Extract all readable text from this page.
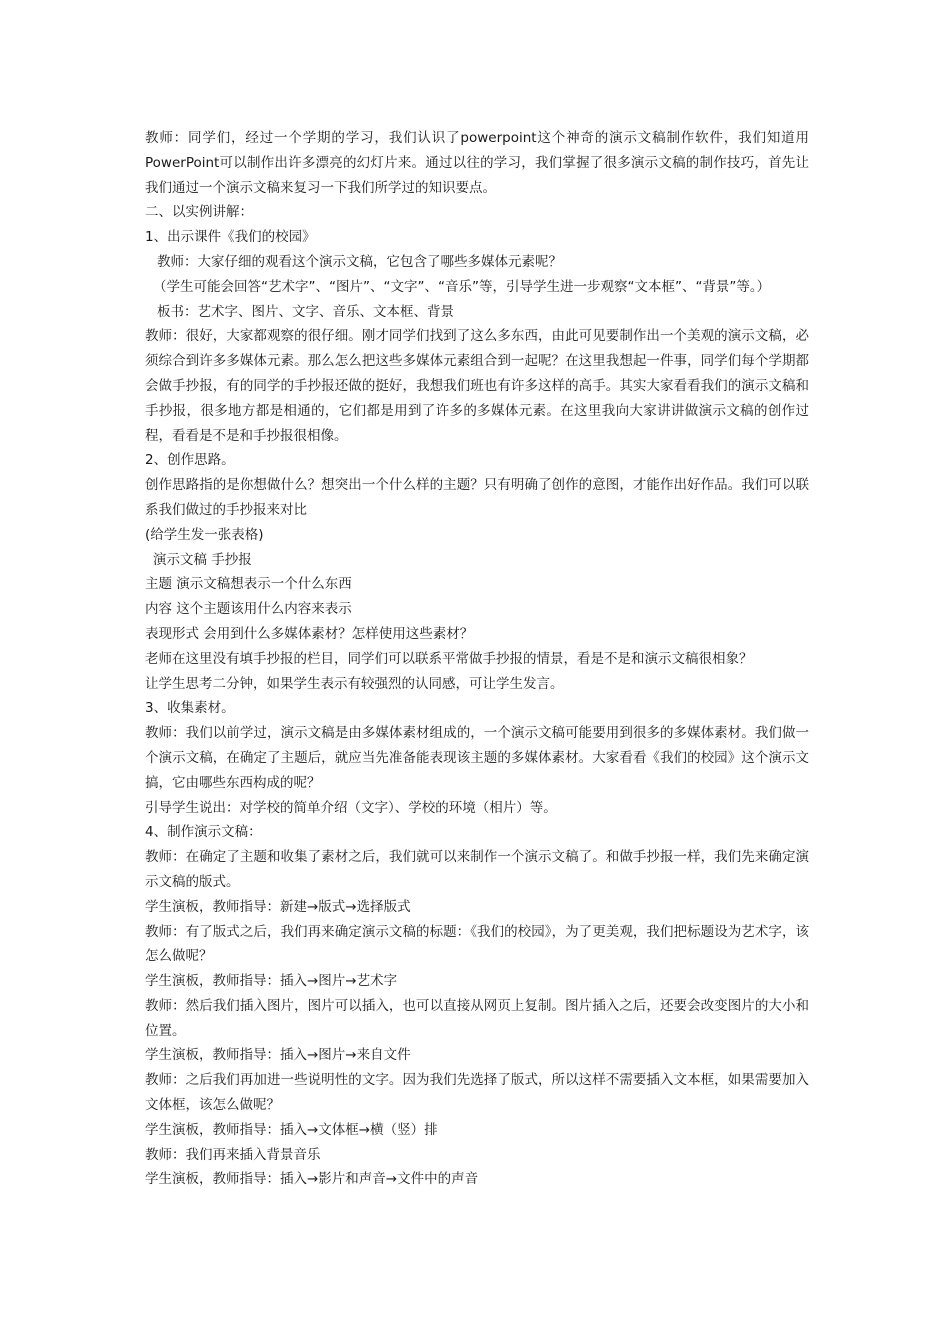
教师：同学们，经过一个学期的学习，我们认识了powerpoint这个神奇的演示文稿制作软件，我们知道用PowerPoint可以制作出许多漂亮的幻灯片来。通过以往的学习，我们掌握了很多演示文稿的制作技巧，首先让我们通过一个演示文稿来复习一下我们所学过的知识要点。

二、以实例讲解：

1、出示课件《我们的校园》

教师：大家仔细的观看这个演示文稿，它包含了哪些多媒体元素呢？

（学生可能会回答“艺术字”、“图片”、“文字”、“音乐”等，引导学生进一步观察“文本框”、“背景”等。）

板书：艺术字、图片、文字、音乐、文本框、背景

教师：很好，大家都观察的很仔细。刚才同学们找到了这么多东西，由此可见要制作出一个美观的演示文稿，必须综合到许多多媒体元素。那么怎么把这些多媒体元素组合到一起呢？在这里我想起一件事，同学们每个学期都会做手抄报，有的同学的手抄报还做的挺好，我想我们班也有许多这样的高手。其实大家看看我们的演示文稿和手抄报，很多地方都是相通的，它们都是用到了许多的多媒体元素。在这里我向大家讲讲做演示文稿的创作过程，看看是不是和手抄报很相像。

2、创作思路。

创作思路指的是你想做什么？想突出一个什么样的主题？只有明确了创作的意图，才能作出好作品。我们可以联系我们做过的手抄报来对比

(给学生发一张表格)

演示文稿 手抄报

主题 演示文稿想表示一个什么东西

内容 这个主题该用什么内容来表示

表现形式 会用到什么多媒体素材？怎样使用这些素材？

老师在这里没有填手抄报的栏目，同学们可以联系平常做手抄报的情景，看是不是和演示文稿很相象？

让学生思考二分钟，如果学生表示有较强烈的认同感，可让学生发言。

3、收集素材。

教师：我们以前学过，演示文稿是由多媒体素材组成的，一个演示文稿可能要用到很多的多媒体素材。我们做一个演示文稿，在确定了主题后，就应当先准备能表现该主题的多媒体素材。大家看看《我们的校园》这个演示文搞，它由哪些东西构成的呢？

引导学生说出：对学校的简单介绍（文字）、学校的环境（相片）等。

4、制作演示文稿：

教师：在确定了主题和收集了素材之后，我们就可以来制作一个演示文稿了。和做手抄报一样，我们先来确定演示文稿的版式。

学生演板，教师指导：新建→版式→选择版式

教师：有了版式之后，我们再来确定演示文稿的标题：《我们的校园》，为了更美观，我们把标题设为艺术字，该怎么做呢？

学生演板，教师指导：插入→图片→艺术字

教师：然后我们插入图片，图片可以插入，也可以直接从网页上复制。图片插入之后，还要会改变图片的大小和位置。

学生演板，教师指导：插入→图片→来自文件

教师：之后我们再加进一些说明性的文字。因为我们先选择了版式，所以这样不需要插入文本框，如果需要加入文体框，该怎么做呢？

学生演板，教师指导：插入→文体框→横（竖）排

教师：我们再来插入背景音乐

学生演板，教师指导：插入→影片和声音→文件中的声音
